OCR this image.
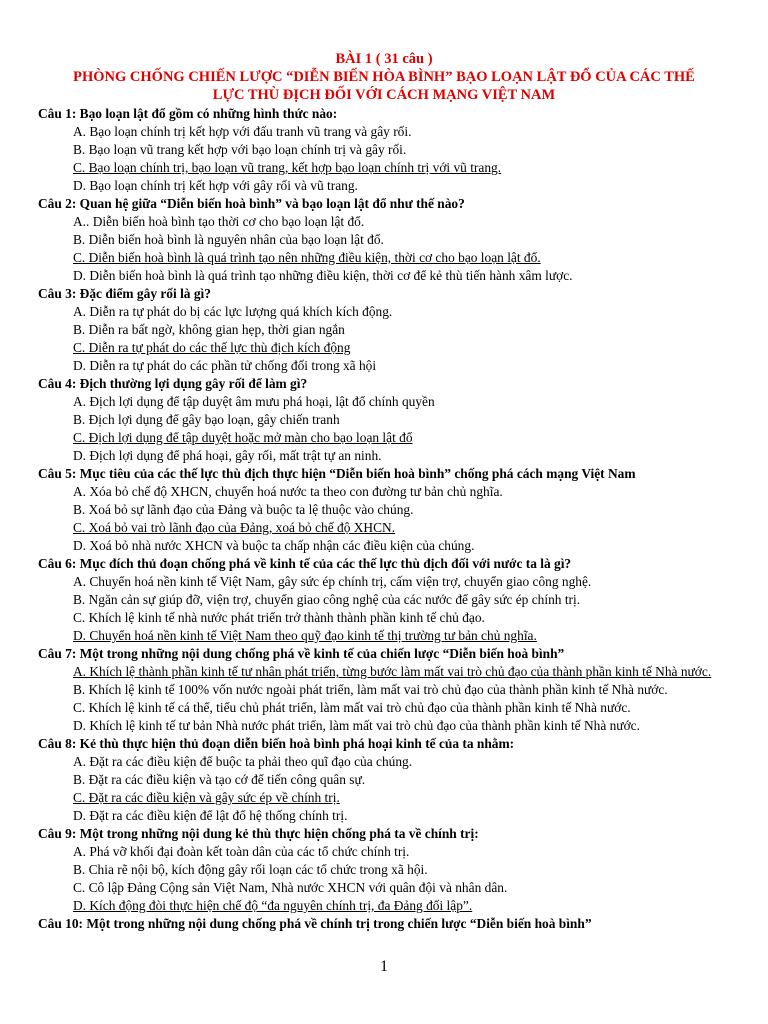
BÀI 1 ( 31 câu )
PHÒNG CHỐNG CHIẾN LƯỢC “DIỄN BIẾN HÒA BÌNH” BẠO LOẠN LẬT ĐỔ CỦA CÁC THẾ
LỰC THÙ ĐỊCH ĐỐI VỚI CÁCH MẠNG VIỆT NAM
Câu 1: Bạo loạn lật đổ gồm có những hình thức nào:
A. Bạo loạn chính trị kết hợp với đấu tranh vũ trang và gây rối.
B. Bạo loạn vũ trang kết hợp với bạo loạn chính trị và gây rối.
C. Bạo loạn chính trị, bạo loạn vũ trang, kết hợp bạo loạn chính trị với vũ trang.
D. Bạo loạn chính trị kết hợp với gây rối và vũ trang.
Câu 2: Quan hệ giữa “Diễn biến hoà bình” và bạo loạn lật đổ như thế nào?
A.. Diễn biến hoà bình tạo thời cơ cho bạo loạn lật đổ.
B. Diễn biến hoà bình là nguyên nhân của bạo loạn lật đổ.
C. Diễn biến hoà bình là quá trình tạo nên những điều kiện, thời cơ cho bạo loạn lật đổ.
D. Diễn biến hoà bình là quá trình tạo những điều kiện, thời cơ để kẻ thù tiến hành xâm lược.
Câu 3: Đặc điểm gây rối là gì?
A. Diễn ra tự phát do bị các lực lượng quá khích kích động.
B. Diễn ra bất ngờ, không gian hẹp, thời gian ngắn
C. Diễn ra tự phát do các thế lực thù địch kích động
D. Diễn ra tự phát do các phần tử chống đối trong xã hội
Câu 4: Địch thường lợi dụng gây rối để làm gì?
A. Địch lợi dụng để tập duyệt âm mưu phá hoại, lật đổ chính quyền
B. Địch lợi dụng để gây bạo loạn, gây chiến tranh
C. Địch lợi dụng để tập duyệt hoặc mở màn cho bạo loạn lật đổ
D. Địch lợi dụng để phá hoại, gây rối, mất trật tự an ninh.
Câu 5: Mục tiêu của các thế lực thù địch thực hiện “Diễn biến hoà bình” chống phá cách mạng Việt Nam
A. Xóa bỏ chế độ XHCN, chuyển hoá nước ta theo con đường tư bản chủ nghĩa.
B. Xoá bỏ sự lãnh đạo của Đảng và buộc ta lệ thuộc vào chúng.
C. Xoá bỏ vai trò lãnh đạo của Đảng, xoá bỏ chế độ XHCN.
D. Xoá bỏ nhà nước XHCN và buộc ta chấp nhận các điều kiện của chúng.
Câu 6: Mục đích thủ đoạn chống phá về kinh tế của các thế lực thù địch đối với nước ta là gì?
A. Chuyển hoá nền kinh tế Việt Nam, gây sức ép chính trị, cấm viện trợ, chuyển giao công nghệ.
B. Ngăn cản sự giúp đỡ, viện trợ, chuyển giao công nghệ của các nước để gây sức ép chính trị.
C. Khích lệ kinh tế nhà nước phát triển trở thành thành phần kinh tế chủ đạo.
D. Chuyển hoá nền kinh tế Việt Nam theo quỹ đạo kinh tế thị trường tư bản chủ nghĩa.
Câu 7: Một trong những nội dung chống phá về kinh tế của chiến lược “Diễn biến hoà bình”
A. Khích lệ thành phần kinh tế tư nhân phát triển, từng bước làm mất vai trò chủ đạo của thành phần kinh tế Nhà nước.
B. Khích lệ kinh tế 100% vốn nước ngoài phát triển, làm mất vai trò chủ đạo của thành phần kinh tế Nhà nước.
C. Khích lệ kinh tế cá thể, tiểu chủ phát triển, làm mất vai trò chủ đạo của thành phần kinh tế Nhà nước.
D. Khích lệ kinh tế tư bản Nhà nước phát triển, làm mất vai trò chủ đạo của thành phần kinh tế Nhà nước.
Câu 8: Kẻ thù thực hiện thủ đoạn diễn biến hoà bình phá hoại kinh tế của ta nhằm:
A. Đặt ra các điều kiện để buộc ta phải theo quĩ đạo của chúng.
B. Đặt ra các điều kiện và tạo cớ để tiến công quân sự.
C. Đặt ra các điều kiện và gây sức ép về chính trị.
D. Đặt ra các điều kiện để lật đổ hệ thống chính trị.
Câu 9: Một trong những nội dung kẻ thù thực hiện chống phá ta về chính trị:
A. Phá vỡ khối đại đoàn kết toàn dân của các tổ chức chính trị.
B. Chia rẽ nội bộ, kích động gây rối loạn các tổ chức trong xã hội.
C. Cô lập Đảng Cộng sản Việt Nam, Nhà nước XHCN với quân đội và nhân dân.
D. Kích động đòi thực hiện chế độ “đa nguyên chính trị, đa Đảng đối lập”.
Câu 10: Một trong những nội dung chống phá về chính trị trong chiến lược “Diễn biến hoà bình”
1
